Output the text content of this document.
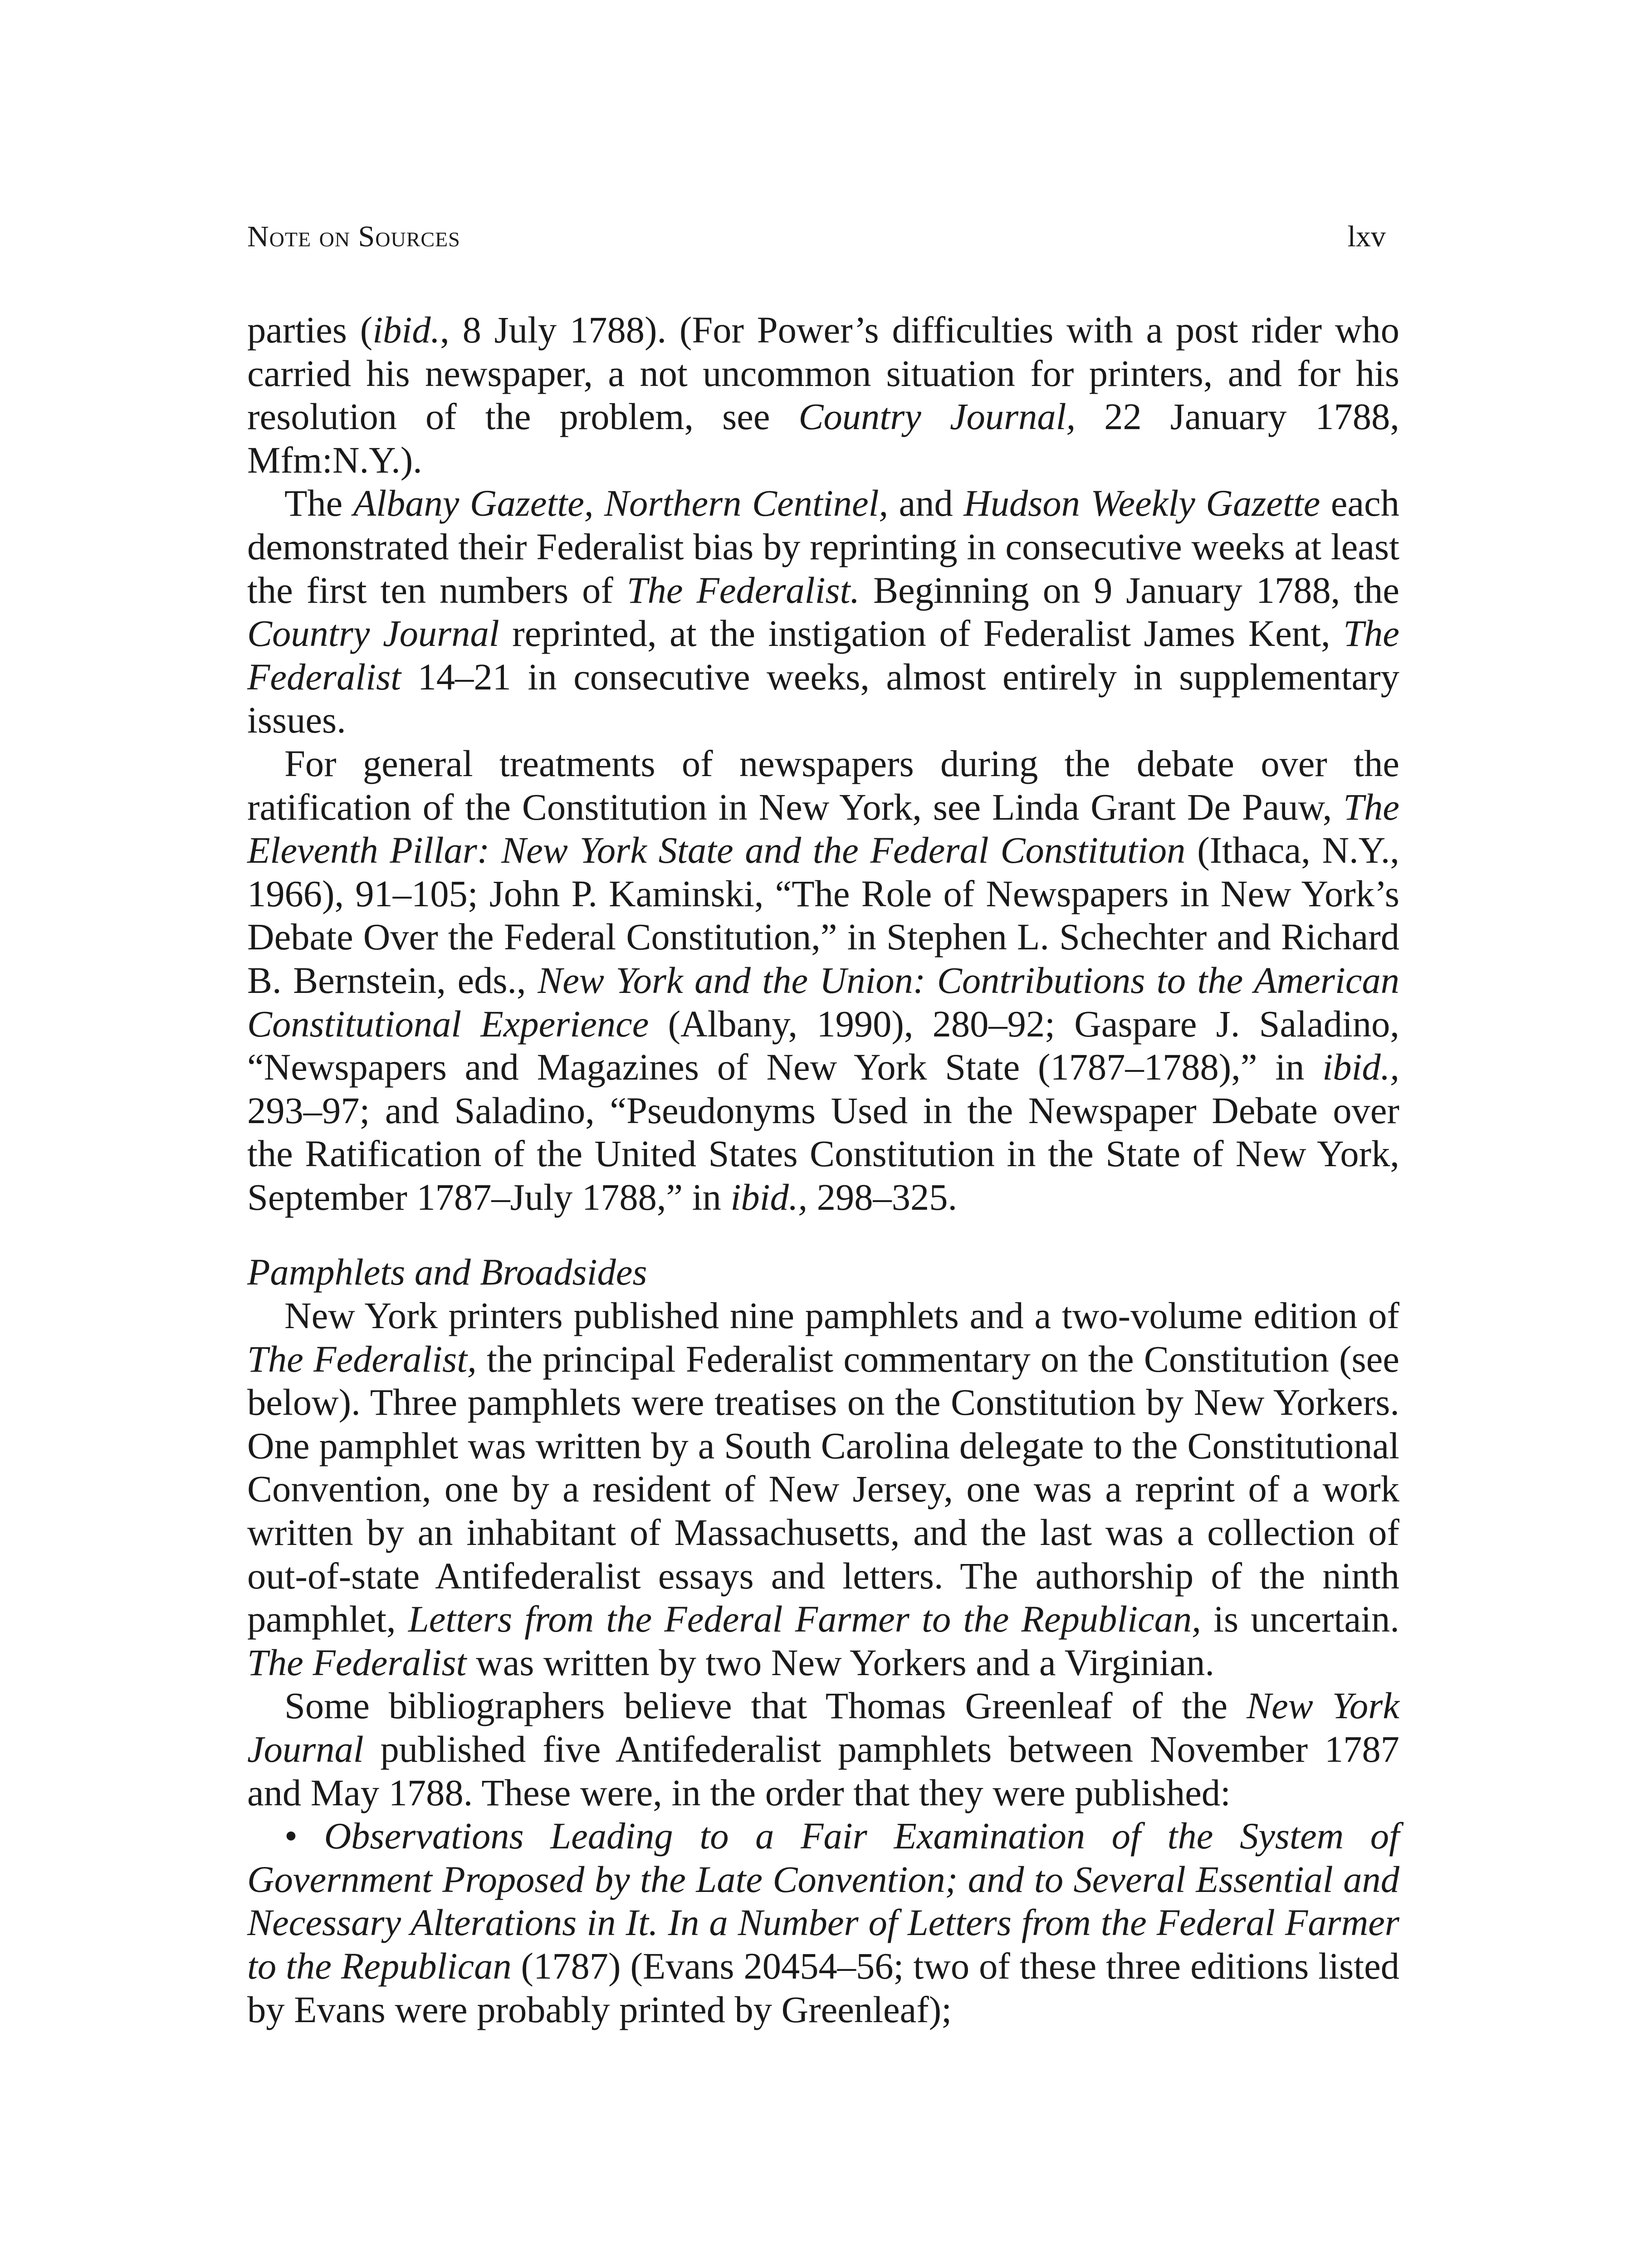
Note on Sources	lxv

parties (ibid., 8 July 1788). (For Power’s difficulties with a post rider who carried his newspaper, a not uncommon situation for printers, and for his resolution of the problem, see Country Journal, 22 January 1788, Mfm:N.Y.).

The Albany Gazette, Northern Centinel, and Hudson Weekly Gazette each demonstrated their Federalist bias by reprinting in consecutive weeks at least the first ten numbers of The Federalist. Beginning on 9 January 1788, the Country Journal reprinted, at the instigation of Federalist James Kent, The Federalist 14–21 in consecutive weeks, almost entirely in supplementary issues.

For general treatments of newspapers during the debate over the ratification of the Constitution in New York, see Linda Grant De Pauw, The Eleventh Pillar: New York State and the Federal Constitution (Ithaca, N.Y., 1966), 91–105; John P. Kaminski, “The Role of Newspapers in New York’s Debate Over the Federal Constitution,” in Stephen L. Schechter and Richard B. Bernstein, eds., New York and the Union: Contributions to the American Constitutional Experience (Albany, 1990), 280–92; Gaspare J. Saladino, “Newspapers and Magazines of New York State (1787–1788),” in ibid., 293–97; and Saladino, “Pseudonyms Used in the Newspaper Debate over the Ratification of the United States Constitution in the State of New York, September 1787–July 1788,” in ibid., 298–325.

Pamphlets and Broadsides

New York printers published nine pamphlets and a two-volume edition of The Federalist, the principal Federalist commentary on the Constitution (see below). Three pamphlets were treatises on the Constitution by New Yorkers. One pamphlet was written by a South Carolina delegate to the Constitutional Convention, one by a resident of New Jersey, one was a reprint of a work written by an inhabitant of Massachusetts, and the last was a collection of out-of-state Antifederalist essays and letters. The authorship of the ninth pamphlet, Letters from the Federal Farmer to the Republican, is uncertain. The Federalist was written by two New Yorkers and a Virginian.

Some bibliographers believe that Thomas Greenleaf of the New York Journal published five Antifederalist pamphlets between November 1787 and May 1788. These were, in the order that they were published:

• Observations Leading to a Fair Examination of the System of Government Proposed by the Late Convention; and to Several Essential and Necessary Alterations in It. In a Number of Letters from the Federal Farmer to the Republican (1787) (Evans 20454–56; two of these three editions listed by Evans were probably printed by Greenleaf);
